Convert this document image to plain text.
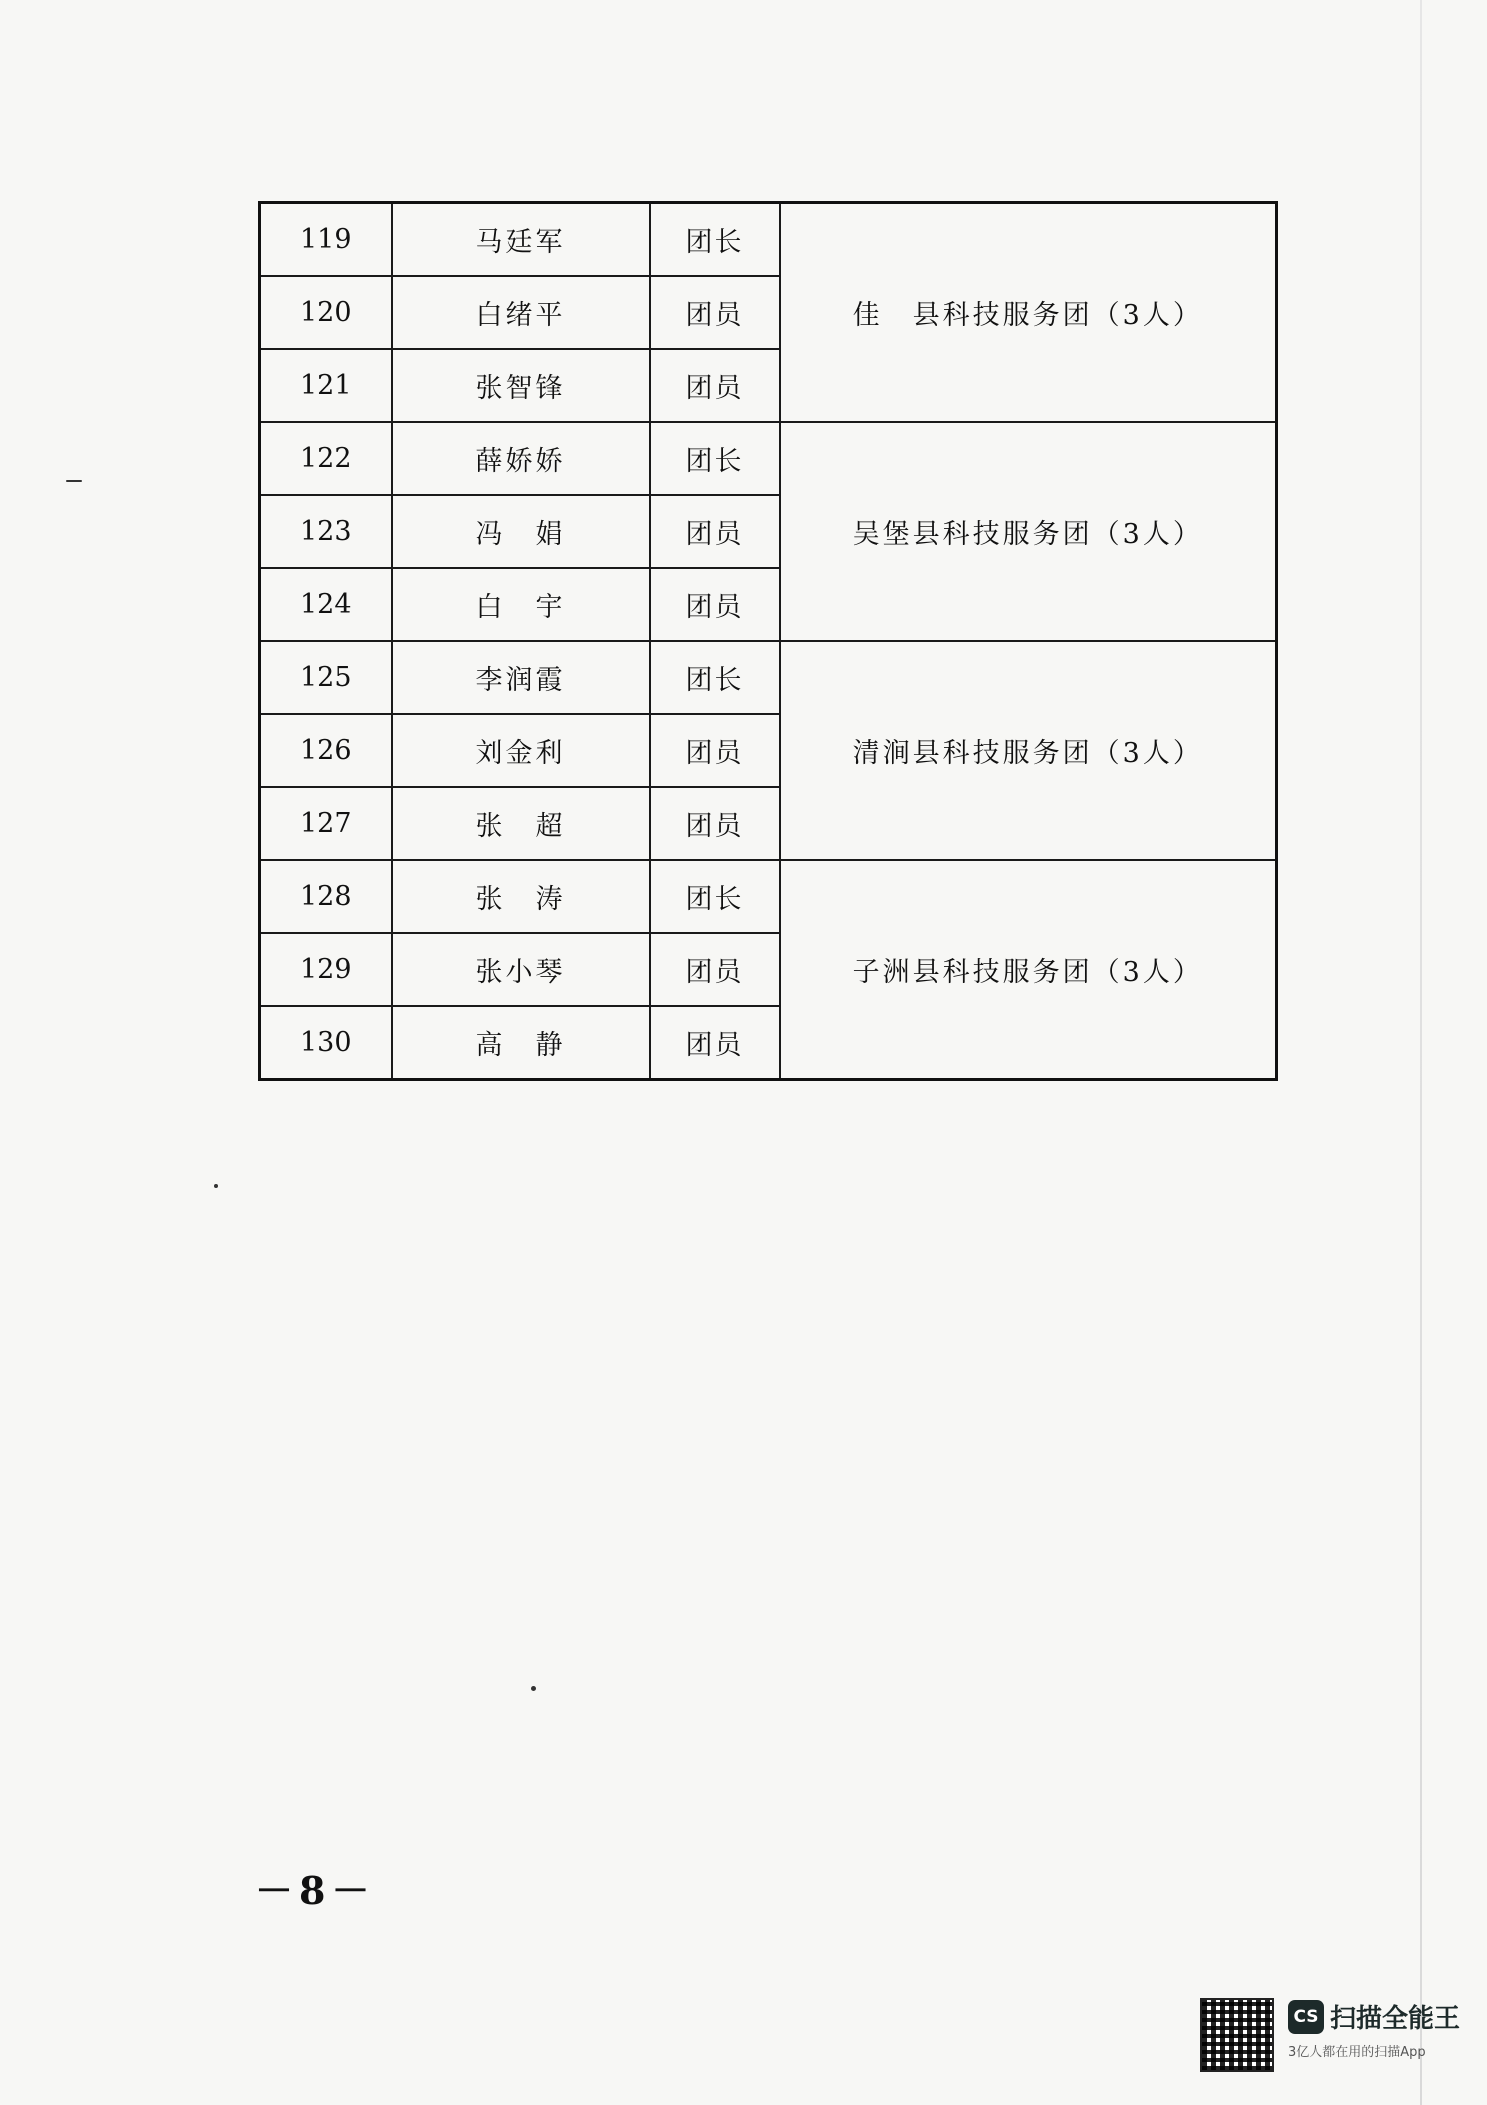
119	马廷军	团长	佳　县科技服务团（3人）
120	白绪平	团员	
121	张智锋	团员	
122	薛娇娇	团长	吴堡县科技服务团（3人）
123	冯　娟	团员	
124	白　宇	团员	
125	李润霞	团长	清涧县科技服务团（3人）
126	刘金利	团员	
127	张　超	团员	
128	张　涛	团长	子洲县科技服务团（3人）
129	张小琴	团员	
130	高　静	团员	
－8－
CS 扫描全能王
3亿人都在用的扫描App
